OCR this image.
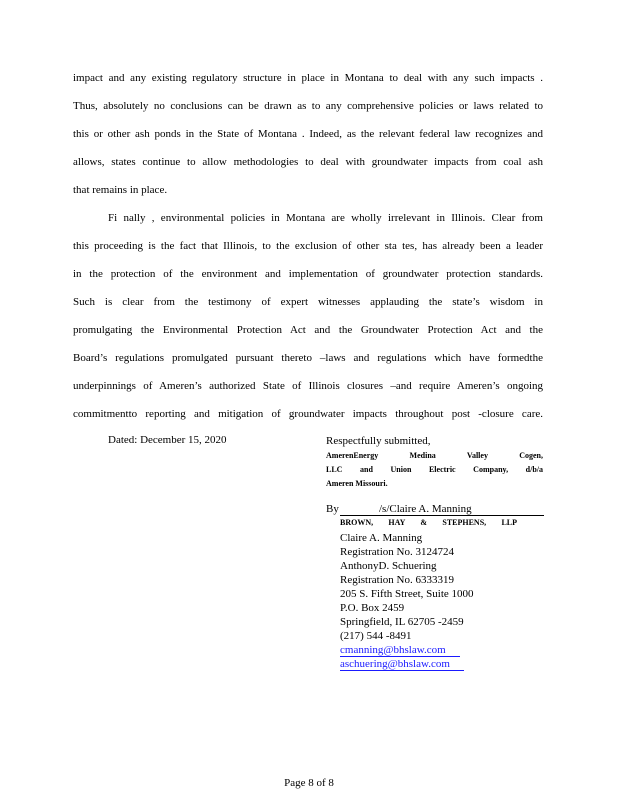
impact and any existing regulatory structure in place in Montana to deal with any such impacts .
Thus, absolutely no conclusions can be drawn as to any comprehensive policies or laws related to
this or other ash ponds in the State of Montana . Indeed, as the relevant federal law recognizes and
allows, states continue to allow methodologies to deal with groundwater impacts from coal ash
that remains in place.
Fi nally , environmental policies in Montana are wholly irrelevant in Illinois. Clear from
this proceeding is the fact that Illinois, to the exclusion of other sta tes, has already been a leader
in the protection of the environment and implementation of groundwater protection standards.
Such is clear from the testimony of expert witnesses applauding the state’s wisdom in
promulgating the Environmental Protection Act and the Groundwater Protection Act and the
Board’s regulations promulgated pursuant thereto –laws and regulations which have formedthe
underpinnings of Ameren’s authorized State of Illinois closures –and require Ameren’s ongoing
commitmentto reporting and mitigation of groundwater impacts throughout post -closure care.
Dated: December 15, 2020	Respectfully submitted,
AmerenEnergy Medina Valley Cogen,
LLC and Union Electric Company, d/b/a
Ameren Missouri.
By	/s/Claire A. Manning
BROWN, HAY & STEPHENS, LLP
Claire A. Manning
Registration No. 3124724
AnthonyD. Schuering
Registration No. 6333319
205 S. Fifth Street, Suite 1000
P.O. Box 2459
Springfield, IL 62705 -2459
(217) 544 -8491
cmanning@bhslaw.com
aschuering@bhslaw.com
Page 8 of 8
